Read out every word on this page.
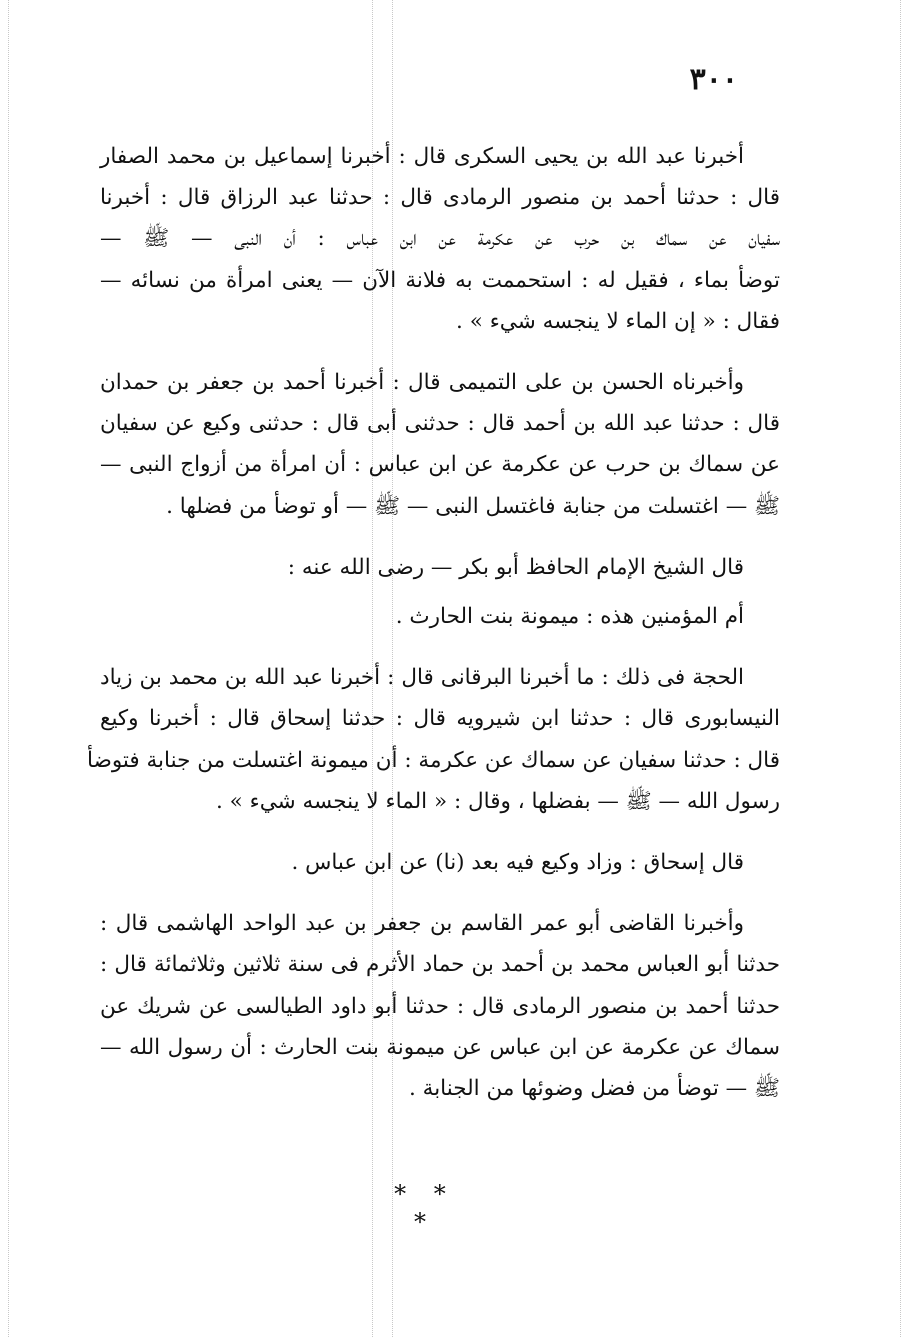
٣٠٠

أخبرنا عبد الله بن يحيى السكرى قال : أخبرنا إسماعيل بن محمد الصفار
قال : حدثنا أحمد بن منصور الرمادى قال : حدثنا عبد الرزاق قال : أخبرنا
سفيان عن سماك بن حرب عن عكرمة عن ابن عباس : أن النبى — ﷺ —
توضأ بماء ، فقيل له : استحممت به فلانة الآن — يعنى امرأة من نسائه —
فقال : « إن الماء لا ينجسه شيء » .

وأخبرناه الحسن بن على التميمى قال : أخبرنا أحمد بن جعفر بن حمدان
قال : حدثنا عبد الله بن أحمد قال : حدثنى أبى قال : حدثنى وكيع عن سفيان
عن سماك بن حرب عن عكرمة عن ابن عباس : أن امرأة من أزواج النبى —
ﷺ — اغتسلت من جنابة فاغتسل النبى — ﷺ — أو توضأ من فضلها .

قال الشيخ الإمام الحافظ أبو بكر — رضى الله عنه :

أم المؤمنين هذه : ميمونة بنت الحارث .

الحجة فى ذلك : ما أخبرنا البرقانى قال : أخبرنا عبد الله بن محمد بن زياد
النيسابورى قال : حدثنا ابن شيرويه قال : حدثنا إسحاق قال : أخبرنا وكيع
قال : حدثنا سفيان عن سماك عن عكرمة : أن ميمونة اغتسلت من جنابة فتوضأ
رسول الله — ﷺ — بفضلها ، وقال : « الماء لا ينجسه شيء » .

قال إسحاق : وزاد وكيع فيه بعد (نا) عن ابن عباس .

وأخبرنا القاضى أبو عمر القاسم بن جعفر بن عبد الواحد الهاشمى قال :
حدثنا أبو العباس محمد بن أحمد بن حماد الأثرم فى سنة ثلاثين وثلاثمائة قال :
حدثنا أحمد بن منصور الرمادى قال : حدثنا أبو داود الطيالسى عن شريك عن
سماك عن عكرمة عن ابن عباس عن ميمونة بنت الحارث : أن رسول الله —
ﷺ — توضأ من فضل وضوئها من الجنابة .

* * *
